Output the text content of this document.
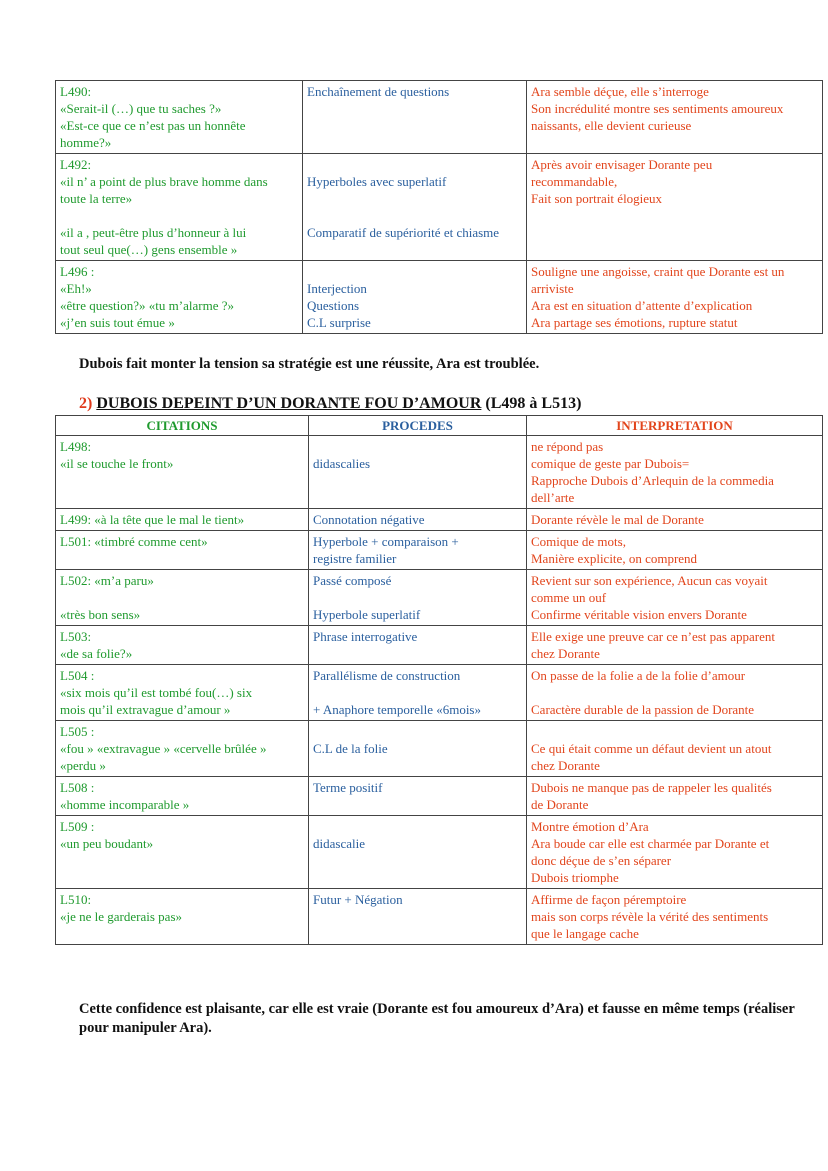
L490:
«Serait-il (…) que tu saches ?»
«Est-ce que ce n’est pas un honnête
homme?»	Enchaînement de questions	Ara semble déçue, elle s’interroge
Son incrédulité montre ses sentiments amoureux
naissants, elle devient curieuse

L492:
«il n’ a point de plus brave homme dans
toute la terre»
«il a , peut-être plus d’honneur à lui
tout seul que(…) gens ensemble »	Hyperboles avec superlatif
Comparatif de supériorité et chiasme	Après avoir envisager Dorante peu
recommandable,
Fait son portrait élogieux

L496 :
«Eh!»
«être question?» «tu m’alarme ?»
«j’en suis tout émue »	Interjection
Questions
C.L surprise	Souligne une angoisse, craint que Dorante est un
arriviste
Ara est en situation d’attente d’explication
Ara partage ses émotions, rupture statut
Dubois fait monter la tension sa stratégie est une réussite, Ara est troublée.
2) DUBOIS DEPEINT D’UN DORANTE FOU D’AMOUR (L498 à L513)
CITATIONS	PROCEDES	INTERPRETATION

L498:
«il se touche le front»	didascalies	ne répond pas
comique de geste par Dubois=
Rapproche Dubois d’Arlequin de la commedia
dell’arte

L499: «à la tête que le mal le tient»	Connotation négative	Dorante révèle le mal de Dorante

L501: «timbré comme cent»	Hyperbole + comparaison +
registre familier	Comique de mots,
Manière explicite, on comprend

L502: «m’a paru»
«très bon sens»	Passé composé
Hyperbole superlatif	Revient sur son expérience, Aucun cas voyait
comme un ouf
Confirme véritable vision envers Dorante

L503:
«de sa folie?»	Phrase interrogative	Elle exige une preuve car ce n’est pas apparent
chez Dorante

L504 :
«six mois qu’il est tombé fou(…) six
mois qu’il extravague d’amour »	Parallélisme de construction
+ Anaphore temporelle «6mois»	On passe de la folie a de la folie d’amour
Caractère durable de la passion de Dorante

L505 :
«fou » «extravague » «cervelle brûlée »
«perdu »	C.L de la folie	Ce qui était comme un défaut devient un atout
chez Dorante

L508 :
«homme incomparable »	Terme positif	Dubois ne manque pas de rappeler les qualités
de Dorante

L509 :
«un peu boudant»	didascalie	Montre émotion d’Ara
Ara boude car elle est charmée par Dorante et
donc déçue de s’en séparer
Dubois triomphe

L510:
«je ne le garderais pas»	Futur + Négation	Affirme de façon péremptoire
mais son corps révèle la vérité des sentiments
que le langage cache
Cette confidence est plaisante, car elle est vraie (Dorante est fou amoureux d’Ara) et fausse en même temps (réaliser pour manipuler Ara).
